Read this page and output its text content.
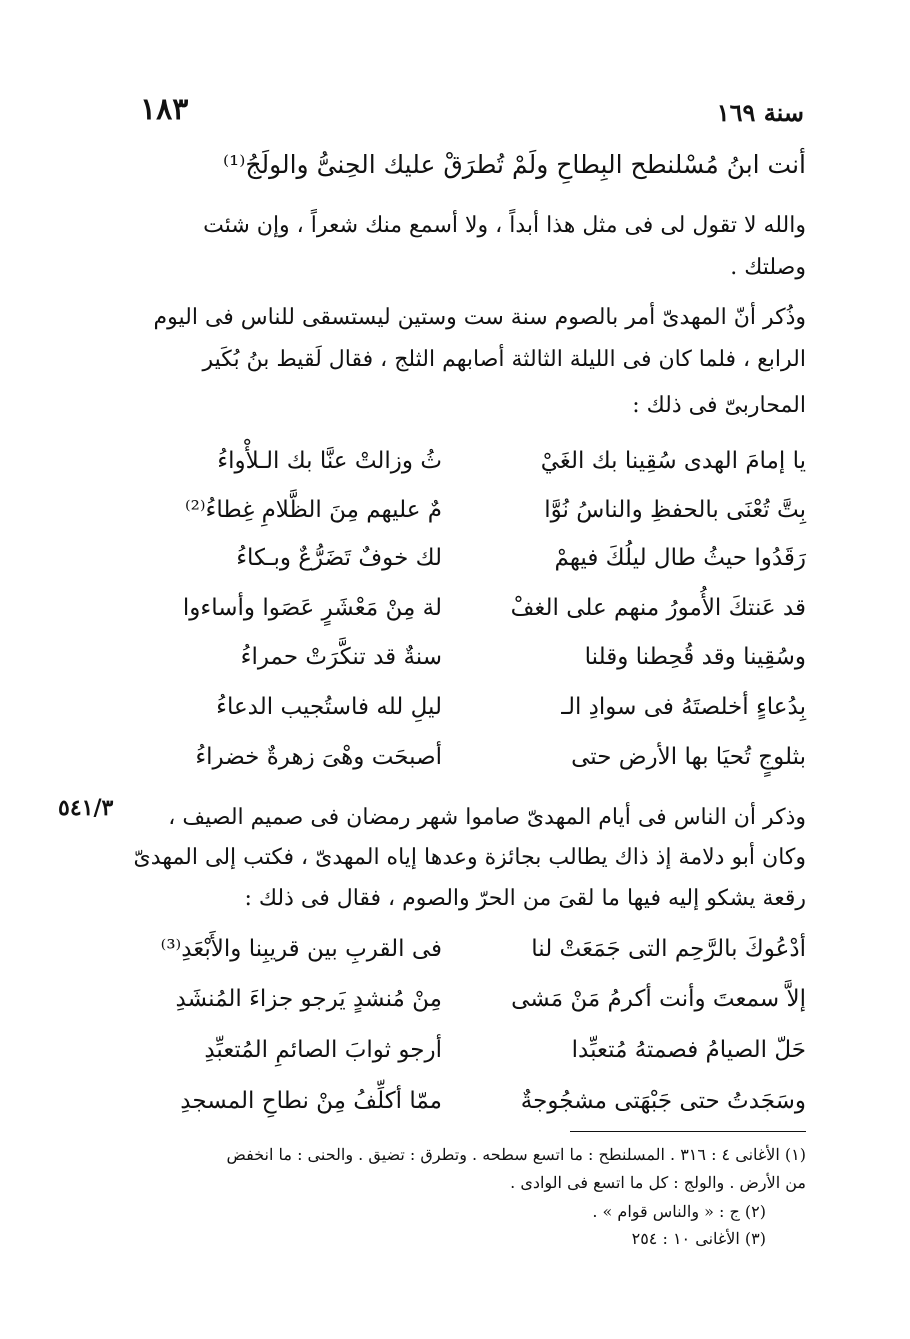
١٨٣	سنة ١٦٩
أنت ابنُ مُسْلنطح البِطاحِ ولَمْ تُطرَقْ عليك الحِنىُّ والولَجُ⁽¹⁾
والله لا تقول لى فى مثل هذا أبداً ، ولا أسمع منك شعراً ، وإن شئت
وصلتك .
وذُكر أنّ المهدىّ أمر بالصوم سنة ست وستين ليستسقى للناس فى اليوم
الرابع ، فلما كان فى الليلة الثالثة أصابهم الثلج ، فقال لَقيط بنُ بُكَير
المحاربىّ فى ذلك :
يا إمامَ الهدى سُقِينا بك الغَيْ
ثُ وزالتْ عنَّا بك الـلأْواءُ
بِتَّ تُعْنَى بالحفظِ والناسُ نُوَّا
مٌ عليهم مِنَ الظَّلامِ غِطاءُ⁽²⁾
رَقَدُوا حيثُ طال ليلُكَ فيهمْ
لك خوفٌ تَضَرُّعٌ وبـكاءُ
قد عَنتكَ الأُمورُ منهم على الغفْ
لة مِنْ مَعْشَرٍ عَصَوا وأساءوا
وسُقِينا وقد قُحِطنا وقلنا
سنةٌ قد تنكَّرَتْ حمراءُ
بِدُعاءٍ أخلصتَهُ فى سوادِ الـ
ليلِ لله فاستُجيب الدعاءُ
بثلوجٍ تُحيَا بها الأرض حتى
أصبحَت وهْىَ زهرةٌ خضراءُ
٥٤١/٣ وذكر أن الناس فى أيام المهدىّ صاموا شهر رمضان فى صميم الصيف ،
وكان أبو دلامة إذ ذاك يطالب بجائزة وعدها إياه المهدىّ ، فكتب إلى المهدىّ
رقعة يشكو إليه فيها ما لقىَ من الحرّ والصوم ، فقال فى ذلك :
أدْعُوكَ بالرَّحِم التى جَمَعَتْ لنا
فى القربِ بين قريبِنا والأَبْعَدِ⁽³⁾
إلاَّ سمعتَ وأنت أكرمُ مَنْ مَشى
مِنْ مُنشدٍ يَرجو جزاءَ المُنشَدِ
حَلّ الصيامُ فصمتهُ مُتعبِّدا
أرجو ثوابَ الصائمِ المُتعبِّدِ
وسَجَدتُ حتى جَبْهَتى مشجُوجةٌ
ممّا أكلِّفُ مِنْ نطاحِ المسجدِ
(١) الأغانى ٤ : ٣١٦ . المسلنطح : ما اتسع سطحه . وتطرق : تضيق . والحنى : ما انخفض
من الأرض . والولج : كل ما اتسع فى الوادى .
(٢) ج : « والناس قوام » .
(٣) الأغانى ١٠ : ٢٥٤
